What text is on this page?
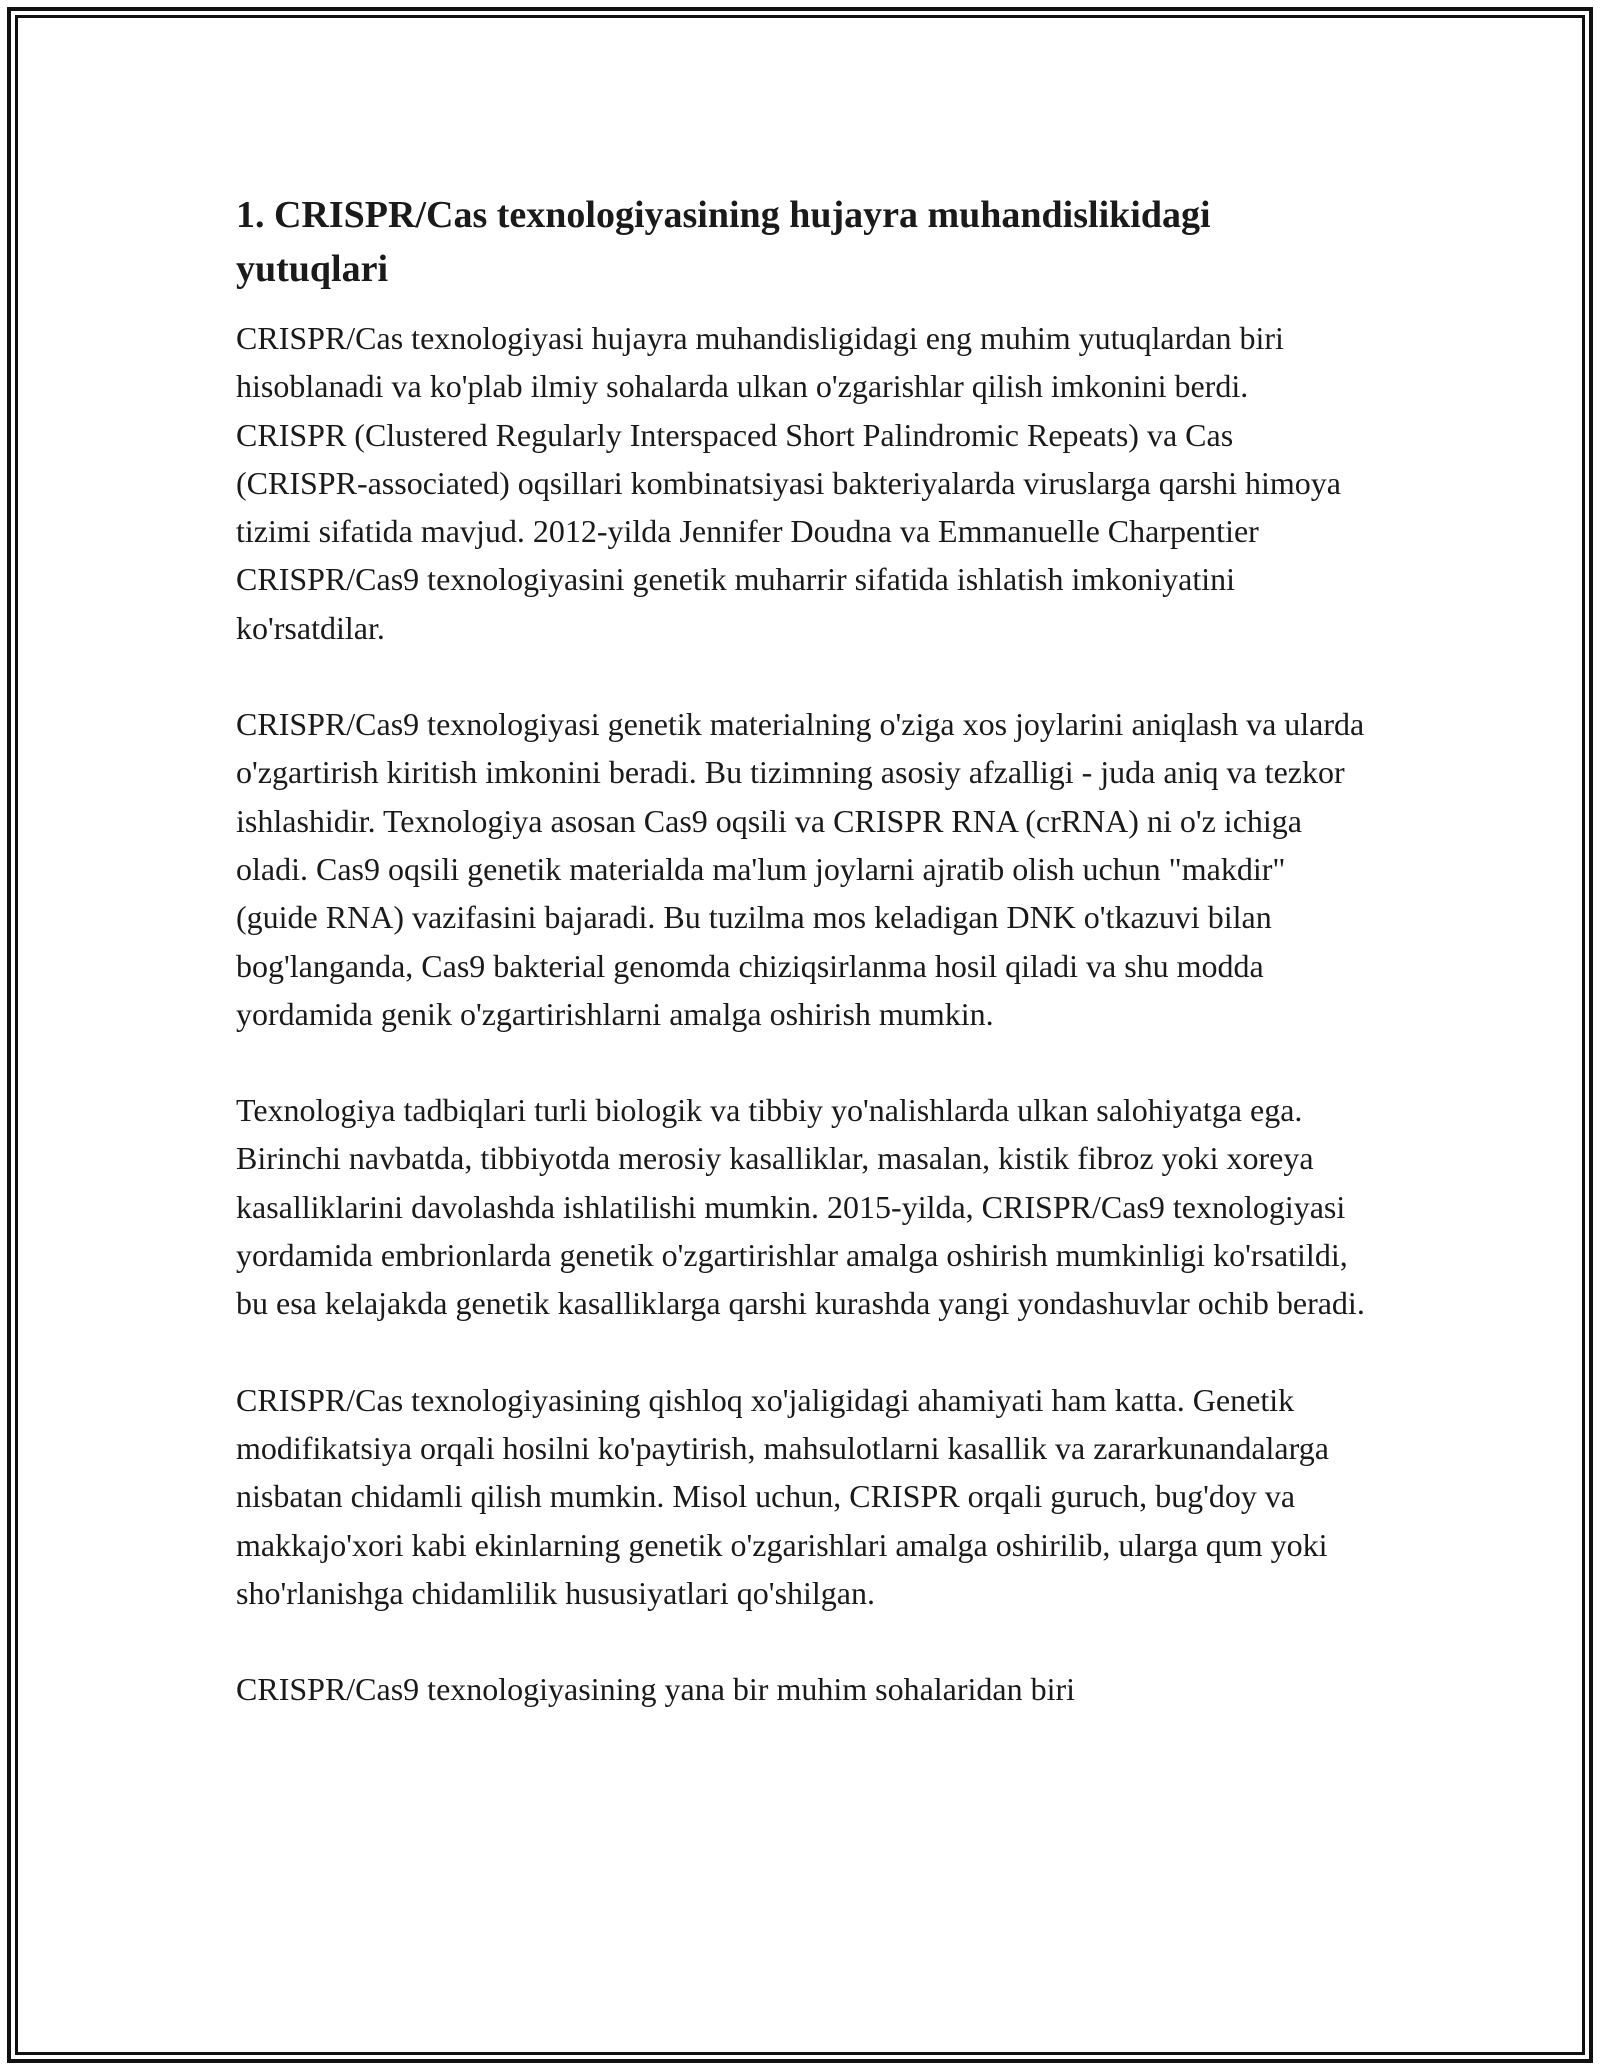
1. CRISPR/Cas texnologiyasining hujayra muhandislikidagi yutuqlari

CRISPR/Cas texnologiyasi hujayra muhandisligidagi eng muhim yutuqlardan biri hisoblanadi va ko'plab ilmiy sohalarda ulkan o'zgarishlar qilish imkonini berdi. CRISPR (Clustered Regularly Interspaced Short Palindromic Repeats) va Cas (CRISPR-associated) oqsillari kombinatsiyasi bakteriyalarda viruslarga qarshi himoya tizimi sifatida mavjud. 2012-yilda Jennifer Doudna va Emmanuelle Charpentier CRISPR/Cas9 texnologiyasini genetik muharrir sifatida ishlatish imkoniyatini ko'rsatdilar.

CRISPR/Cas9 texnologiyasi genetik materialning o'ziga xos joylarini aniqlash va ularda o'zgartirish kiritish imkonini beradi. Bu tizimning asosiy afzalligi - juda aniq va tezkor ishlashidir. Texnologiya asosan Cas9 oqsili va CRISPR RNA (crRNA) ni o'z ichiga oladi. Cas9 oqsili genetik materialda ma'lum joylarni ajratib olish uchun "makdir" (guide RNA) vazifasini bajaradi. Bu tuzilma mos keladigan DNK o'tkazuvi bilan bog'langanda, Cas9 bakterial genomda chiziqsirlanma hosil qiladi va shu modda yordamida genik o'zgartirishlarni amalga oshirish mumkin.

Texnologiya tadbiqlari turli biologik va tibbiy yo'nalishlarda ulkan salohiyatga ega. Birinchi navbatda, tibbiyotda merosiy kasalliklar, masalan, kistik fibroz yoki xoreya kasalliklarini davolashda ishlatilishi mumkin. 2015-yilda, CRISPR/Cas9 texnologiyasi yordamida embrionlarda genetik o'zgartirishlar amalga oshirish mumkinligi ko'rsatildi, bu esa kelajakda genetik kasalliklarga qarshi kurashda yangi yondashuvlar ochib beradi.

CRISPR/Cas texnologiyasining qishloq xo'jaligidagi ahamiyati ham katta. Genetik modifikatsiya orqali hosilni ko'paytirish, mahsulotlarni kasallik va zararkunandalarga nisbatan chidamli qilish mumkin. Misol uchun, CRISPR orqali guruch, bug'doy va makkajo'xori kabi ekinlarning genetik o'zgarishlari amalga oshirilib, ularga qum yoki sho'rlanishga chidamlilik hususiyatlari qo'shilgan.

CRISPR/Cas9 texnologiyasining yana bir muhim sohalaridan biri
